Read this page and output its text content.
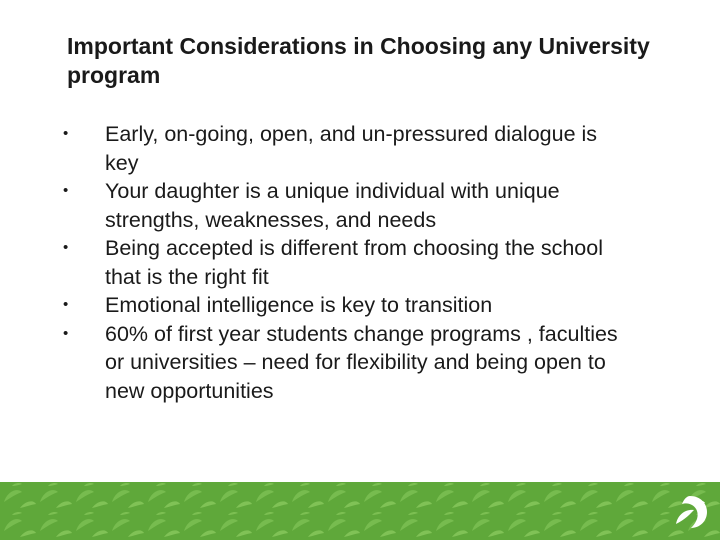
Important Considerations in Choosing any University program
• Early, on-going, open, and un-pressured dialogue is key
• Your daughter is a unique individual with unique strengths, weaknesses, and needs
• Being accepted is different from choosing the school that is the right fit
• Emotional intelligence is key to transition
• 60% of first year students change programs , faculties or universities – need for flexibility and being open to new opportunities
